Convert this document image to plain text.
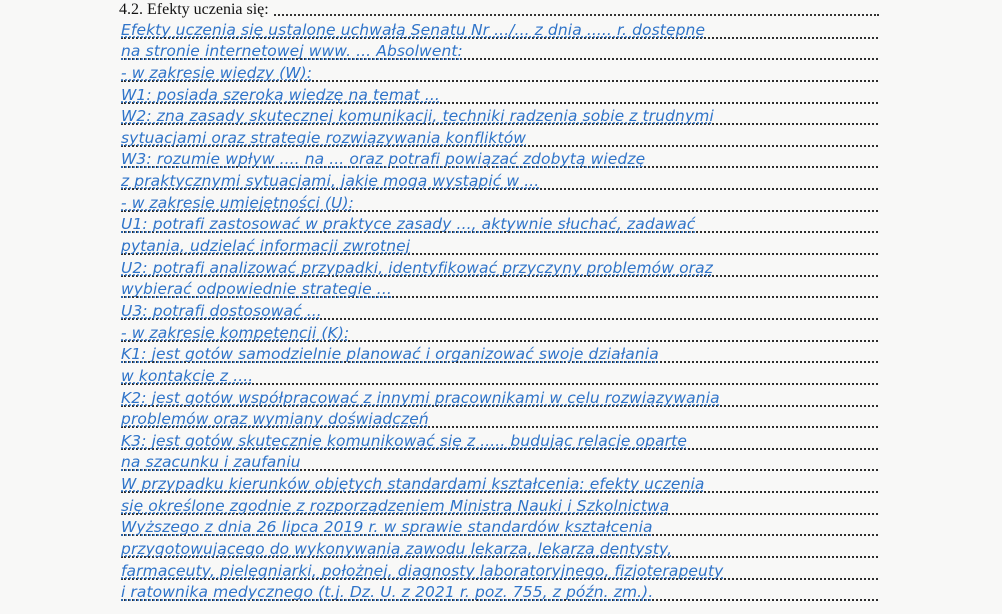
4.2. Efekty uczenia się:
Efekty uczenia się ustalone uchwałą Senatu Nr .../... z dnia ..... r. dostępne
na stronie internetowej www. ... Absolwent:
- w zakresie wiedzy (W):
W1: posiada szeroką wiedzę na temat ...
W2: zna zasady skutecznej komunikacji, techniki radzenia sobie z trudnymi
sytuacjami oraz strategie rozwiązywania konfliktów
W3: rozumie wpływ .... na ... oraz potrafi powiązać zdobytą wiedzę
z praktycznymi sytuacjami, jakie mogą wystąpić w ...
- w zakresie umiejętności (U):
U1: potrafi zastosować w praktyce zasady ..., aktywnie słuchać, zadawać
pytania, udzielać informacji zwrotnej
U2: potrafi analizować przypadki, identyfikować przyczyny problemów oraz
wybierać odpowiednie strategie ...
U3: potrafi dostosować ...
- w zakresie kompetencji (K):
K1: jest gotów samodzielnie planować i organizować swoje działania
w kontakcie z ....
K2: jest gotów współpracować z innymi pracownikami w celu rozwiązywania
problemów oraz wymiany doświadczeń
K3: jest gotów skutecznie komunikować się z ..... budując relacje oparte
na szacunku i zaufaniu
W przypadku kierunków objętych standardami kształcenia: efekty uczenia
się określone zgodnie z rozporządzeniem Ministra Nauki i Szkolnictwa
Wyższego z dnia 26 lipca 2019 r. w sprawie standardów kształcenia
przygotowującego do wykonywania zawodu lekarza, lekarza dentysty,
farmaceuty, pielęgniarki, położnej, diagnosty laboratoryjnego, fizjoterapeuty
i ratownika medycznego (t.j. Dz. U. z 2021 r. poz. 755, z późn. zm.).
